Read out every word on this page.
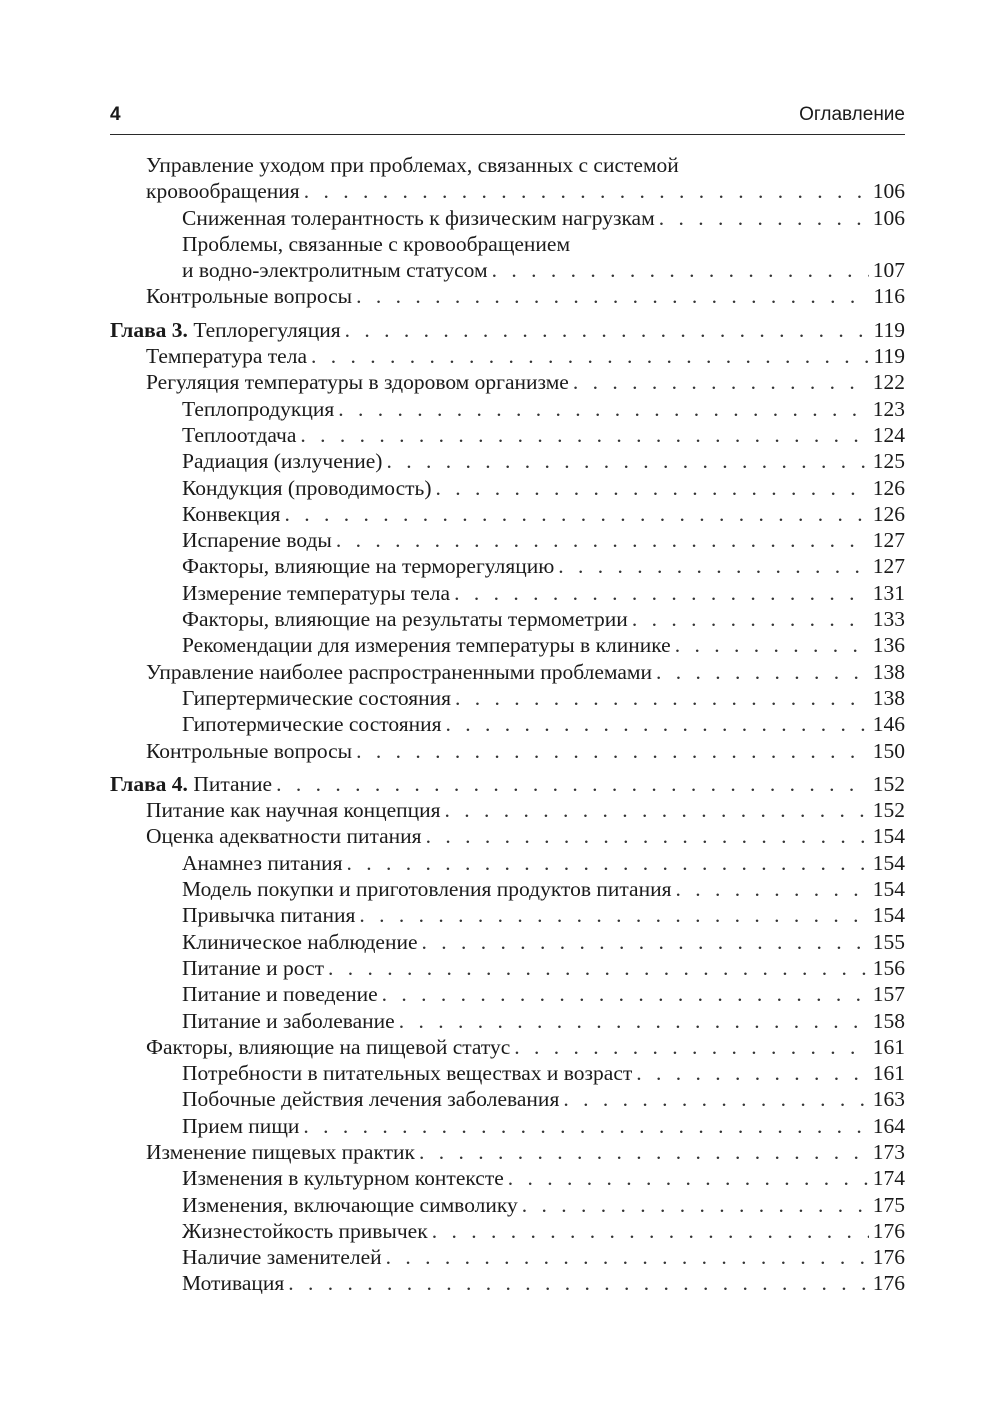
4	Оглавление
Управление уходом при проблемах, связанных с системой
кровообращения . . .	106
Сниженная толерантность к физическим нагрузкам . . .	106
Проблемы, связанные с кровообращением
и водно-электролитным статусом . . .	107
Контрольные вопросы . . .	116
Глава 3. Теплорегуляция . . .	119
Температура тела . . .	119
Регуляция температуры в здоровом организме . . .	122
Теплопродукция . . .	123
Теплоотдача . . .	124
Радиация (излучение) . . .	125
Кондукция (проводимость) . . .	126
Конвекция . . .	126
Испарение воды . . .	127
Факторы, влияющие на терморегуляцию . . .	127
Измерение температуры тела . . .	131
Факторы, влияющие на результаты термометрии . . .	133
Рекомендации для измерения температуры в клинике . . .	136
Управление наиболее распространенными проблемами . . .	138
Гипертермические состояния . . .	138
Гипотермические состояния . . .	146
Контрольные вопросы . . .	150
Глава 4. Питание . . .	152
Питание как научная концепция . . .	152
Оценка адекватности питания . . .	154
Анамнез питания . . .	154
Модель покупки и приготовления продуктов питания . . .	154
Привычка питания . . .	154
Клиническое наблюдение . . .	155
Питание и рост . . .	156
Питание и поведение . . .	157
Питание и заболевание . . .	158
Факторы, влияющие на пищевой статус . . .	161
Потребности в питательных веществах и возраст . . .	161
Побочные действия лечения заболевания . . .	163
Прием пищи . . .	164
Изменение пищевых практик . . .	173
Изменения в культурном контексте . . .	174
Изменения, включающие символику . . .	175
Жизнестойкость привычек . . .	176
Наличие заменителей . . .	176
Мотивация . . .	176
